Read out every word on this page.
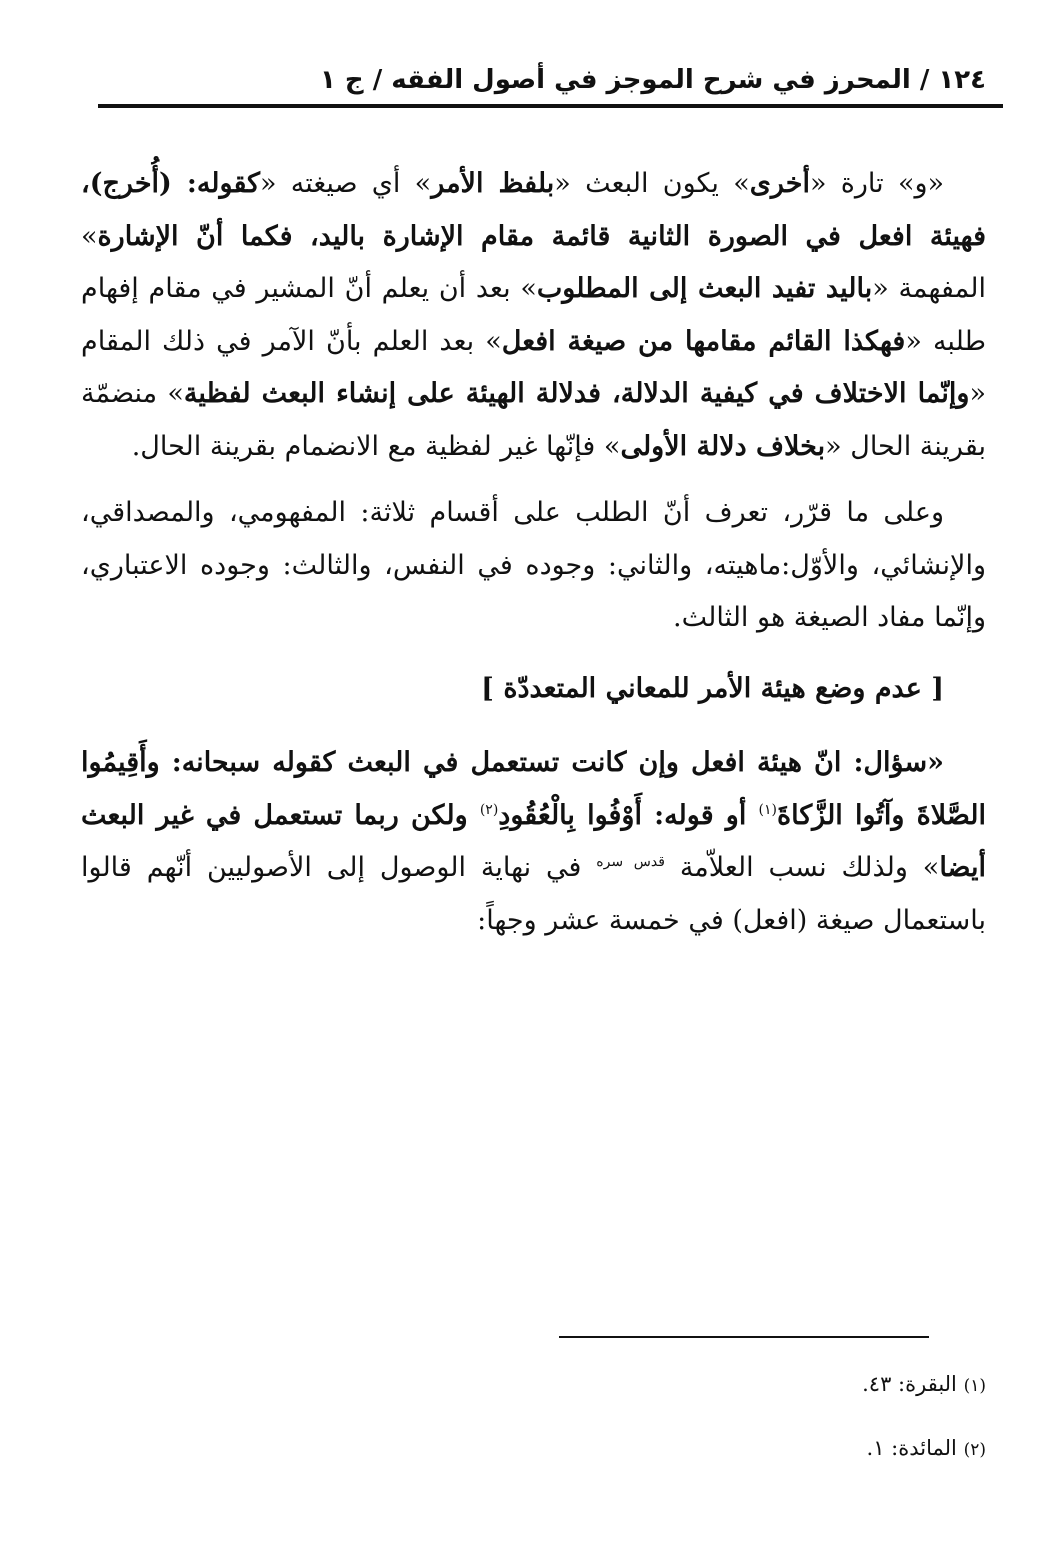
١٢٤ / المحرز في شرح الموجز في أصول الفقه / ج ١

«و» تارة «أخرى» يكون البعث «بلفظ الأمر» أي صيغته «كقوله: (أُخرج)، فهيئة افعل في الصورة الثانية قائمة مقام الإشارة باليد، فكما أنّ الإشارة» المفهمة «باليد تفيد البعث إلى المطلوب» بعد أن يعلم أنّ المشير في مقام إفهام طلبه «فهكذا القائم مقامها من صيغة افعل» بعد العلم بأنّ الآمر في ذلك المقام «وإنّما الاختلاف في كيفية الدلالة، فدلالة الهيئة على إنشاء البعث لفظية» منضمّة بقرينة الحال «بخلاف دلالة الأولى» فإنّها غير لفظية مع الانضمام بقرينة الحال.

وعلى ما قرّر، تعرف أنّ الطلب على أقسام ثلاثة: المفهومي، والمصداقي، والإنشائي، والأوّل:ماهيته، والثاني: وجوده في النفس، والثالث: وجوده الاعتباري، وإنّما مفاد الصيغة هو الثالث.

[ عدم وضع هيئة الأمر للمعاني المتعددّة ]

«سؤال: انّ هيئة افعل وإن كانت تستعمل في البعث كقوله سبحانه: وأَقِيمُوا الصَّلاةَ وآتُوا الزَّكاةَ$^{(١)}$ أو قوله: أَوْفُوا بِالْعُقُودِ$^{(٢)}$ ولكن ربما تستعمل في غير البعث أيضا» ولذلك نسب العلاّمة $^{قدس سره}$ في نهاية الوصول إلى الأصوليين أنّهم قالوا باستعمال صيغة (افعل) في خمسة عشر وجهاً:

(١) البقرة: ٤٣.
(٢) المائدة: ١.
